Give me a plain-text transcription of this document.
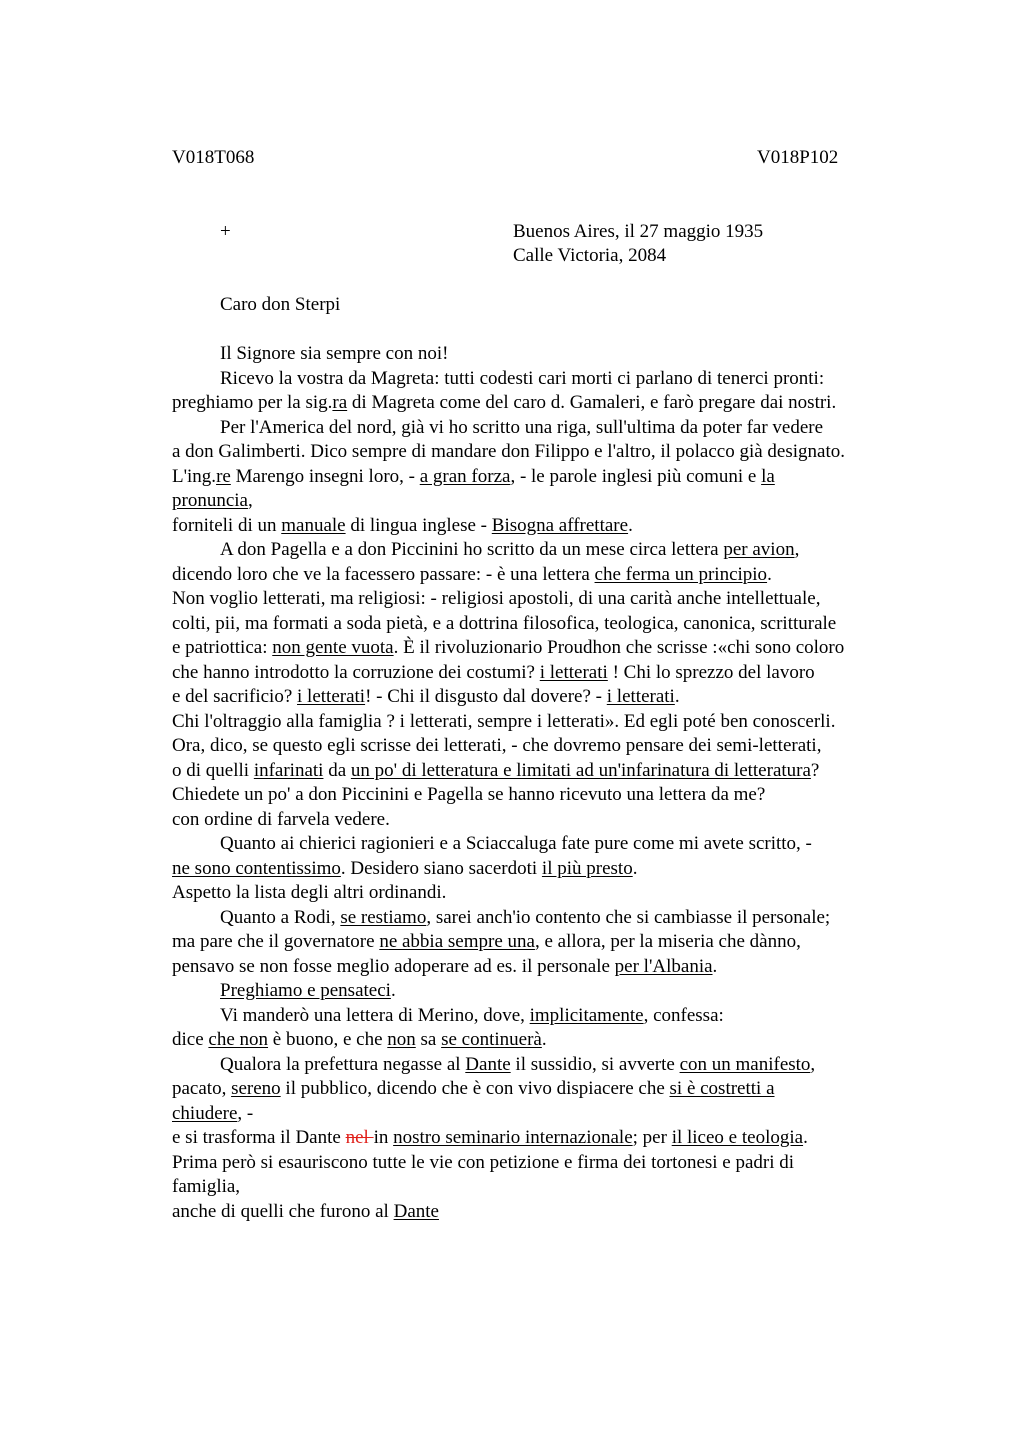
V018T068	V018P102
+	Buenos Aires, il 27 maggio 1935
Calle Victoria, 2084
Caro don Sterpi
Il Signore sia sempre con noi!
Ricevo la vostra da Magreta: tutti codesti cari morti ci parlano di tenerci pronti:
preghiamo per la sig.ra di Magreta come del caro d. Gamaleri, e farò pregare dai nostri.
Per l'America del nord, già vi ho scritto una riga, sull'ultima da poter far vedere
a don Galimberti. Dico sempre di mandare don Filippo e l'altro, il polacco già designato.
L'ing.re Marengo insegni loro, - a gran forza, - le parole inglesi più comuni e la
pronuncia,
forniteli di un manuale di lingua inglese - Bisogna affrettare.
A don Pagella e a don Piccinini ho scritto da un mese circa lettera per avion,
dicendo loro che ve la facessero passare: - è una lettera che ferma un principio.
Non voglio letterati, ma religiosi: - religiosi apostoli, di una carità anche intellettuale,
colti, pii, ma formati a soda pietà, e a dottrina filosofica, teologica, canonica, scritturale
e patriottica: non gente vuota. È il rivoluzionario Proudhon che scrisse :«chi sono coloro
che hanno introdotto la corruzione dei costumi? i letterati ! Chi lo sprezzo del lavoro
e del sacrificio? i letterati! - Chi il disgusto dal dovere? - i letterati.
Chi l'oltraggio alla famiglia ? i letterati, sempre i letterati». Ed egli poté ben conoscerli.
Ora, dico, se questo egli scrisse dei letterati, - che dovremo pensare dei semi-letterati,
o di quelli infarinati da un po' di letteratura e limitati ad un'infarinatura di letteratura?
Chiedete un po' a don Piccinini e Pagella se hanno ricevuto una lettera da me?
con ordine di farvela vedere.
Quanto ai chierici ragionieri e a Sciaccaluga fate pure come mi avete scritto, -
ne sono contentissimo. Desidero siano sacerdoti il più presto.
Aspetto la lista degli altri ordinandi.
Quanto a Rodi, se restiamo, sarei anch'io contento che si cambiasse il personale;
ma pare che il governatore ne abbia sempre una, e allora, per la miseria che dànno,
pensavo se non fosse meglio adoperare ad es. il personale per l'Albania.
Preghiamo e pensateci.
Vi manderò una lettera di Merino, dove, implicitamente, confessa:
dice che non è buono, e che non sa se continuerà.
Qualora la prefettura negasse al Dante il sussidio, si avverte con un manifesto,
pacato, sereno il pubblico, dicendo che è con vivo dispiacere che si è costretti a
chiudere, -
e si trasforma il Dante nel in nostro seminario internazionale; per il liceo e teologia.
Prima però si esauriscono tutte le vie con petizione e firma dei tortonesi e padri di
famiglia,
anche di quelli che furono al Dante
